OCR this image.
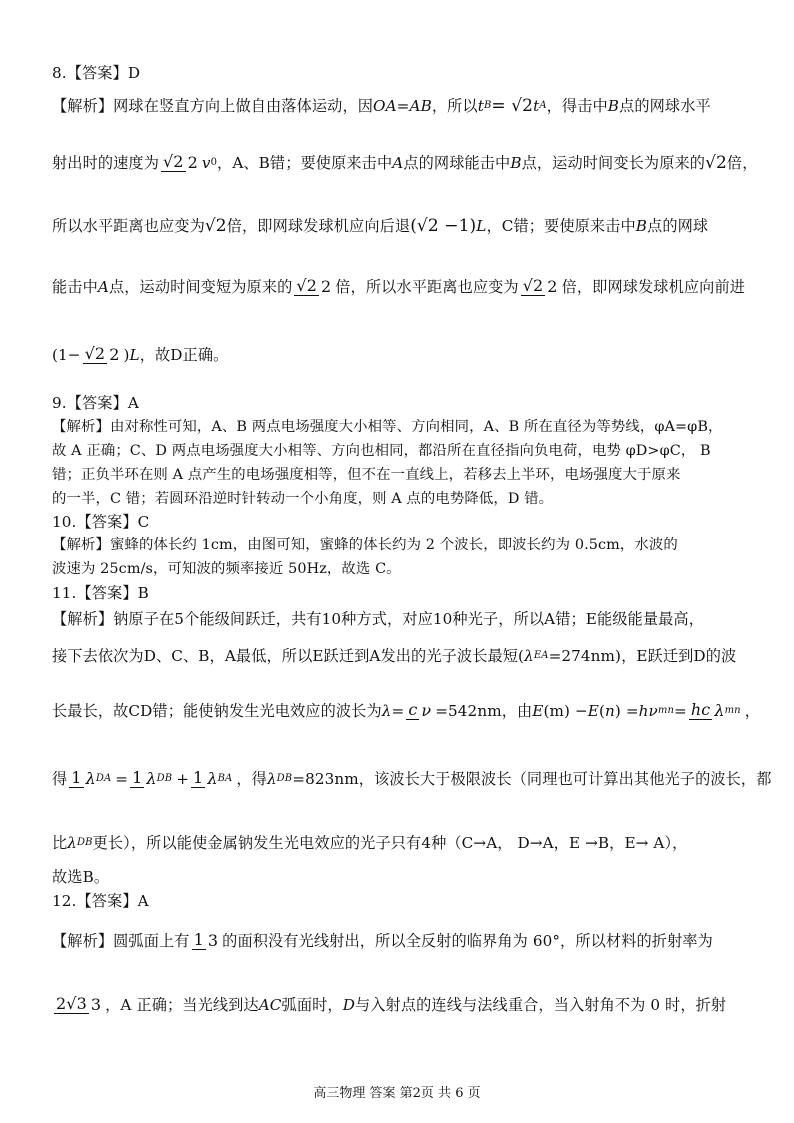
8.【答案】D
【解析】网球在竖直方向上做自由落体运动，因OA=AB，所以tB= √2tA，得击中B点的网球水平
射出时的速度为 √2 2 v0，A、B错；要使原来击中A点的网球能击中B点，运动时间变长为原来的√2倍，
所以水平距离也应变为√2倍，即网球发球机应向后退(√2 −1)L，C错；要使原来击中B点的网球
能击中A点，运动时间变短为原来的 √2 2 倍，所以水平距离也应变为 √2 2 倍，即网球发球机应向前进
(1− √2 2 )L，故D正确。
9.【答案】A
【解析】由对称性可知，A、B 两点电场强度大小相等、方向相同，A、B 所在直径为等势线，φA=φB，
故 A 正确；C、D 两点电场强度大小相等、方向也相同，都沿所在直径指向负电荷，电势 φD>φC， B
错；正负半环在则 A 点产生的电场强度相等，但不在一直线上，若移去上半环，电场强度大于原来
的一半，C 错；若圆环沿逆时针转动一个小角度，则 A 点的电势降低，D 错。
10.【答案】C
【解析】蜜蜂的体长约 1cm，由图可知，蜜蜂的体长约为 2 个波长，即波长约为 0.5cm，水波的
波速为 25cm/s，可知波的频率接近 50Hz，故选 C。
11.【答案】B
【解析】钠原子在5个能级间跃迁，共有10种方式，对应10种光子，所以A错；E能级能量最高，
接下去依次为D、C、B，A最低，所以E跃迁到A发出的光子波长最短(λEA=274nm)，E跃迁到D的波
长最长，故CD错；能使钠发生光电效应的波长为λ=c ν =542nm，由E(m) −E(n) =hνmn=hc λmn ，
得 1 λDA=1 λDB+1 λBA ，得λDB=823nm，该波长大于极限波长（同理也可计算出其他光子的波长，都
比λDB更长），所以能使金属钠发生光电效应的光子只有4种（C→A， D→A，E →B，E→ A），
故选B。
12.【答案】A
【解析】圆弧面上有 1 3 的面积没有光线射出，所以全反射的临界角为 60°，所以材料的折射率为
2√3 3 ，A 正确；当光线到达AC弧面时，D与入射点的连线与法线重合，当入射角不为 0 时，折射
高三物理 答案 第2页 共 6 页
